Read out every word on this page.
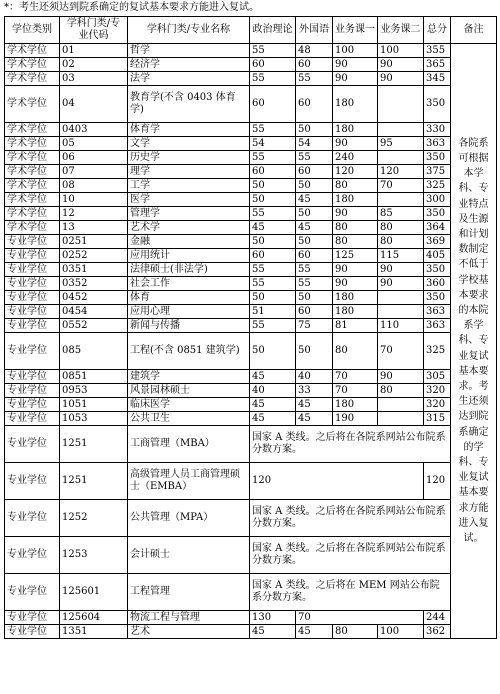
*：考生还须达到院系确定的复试基本要求方能进入复试。
学位类别	学科门类/专业代码	学科门类/专业名称	政治理论	外国语	业务课一	业务课二	总分	备注
学术学位	01	哲学	55	48	100	100	355	各院系可根据本学科、专业特点及生源和计划数制定不低于学校基本要求的本院系学科、专业复试基本要求。考生还须达到院系确定的学科、专业复试基本要求方能进入复试。
学术学位	02	经济学	60	60	90	90	365	
学术学位	03	法学	55	55	90	90	345	
学术学位	04	教育学(不含 0403 体育学)	60	60	180		350	
学术学位	0403	体育学	55	50	180		330	
学术学位	05	文学	54	54	90	95	363	
学术学位	06	历史学	55	55	240		350	
学术学位	07	理学	60	60	120	120	375	
学术学位	08	工学	50	50	80	70	325	
学术学位	10	医学	50	45	180		300	
学术学位	12	管理学	55	50	90	85	350	
学术学位	13	艺术学	45	45	80	80	364	
专业学位	0251	金融	50	50	80	80	369	
专业学位	0252	应用统计	60	60	125	115	405	
专业学位	0351	法律硕士(非法学)	55	55	90	90	350	
专业学位	0352	社会工作	55	55	90	90	360	
专业学位	0452	体育	50	50	180		350	
专业学位	0454	应用心理	51	60	180		363	
专业学位	0552	新闻与传播	55	75	81	110	363	
专业学位	085	工程(不含 0851 建筑学)	50	50	80	70	325	
专业学位	0851	建筑学	45	40	70	90	305	
专业学位	0953	风景园林硕士	40	33	70	80	320	
专业学位	1051	临床医学	45	45	180		320	
专业学位	1053	公共卫生	45	45	190		315	
专业学位	1251	工商管理（MBA）	国家 A 类线。之后将在各院系网站公布院系分数方案。					
专业学位	1251	高级管理人员工商管理硕士（EMBA）	120				120	
专业学位	1252	公共管理（MPA）	国家 A 类线。之后将在各院系网站公布院系分数方案。					
专业学位	1253	会计硕士	国家 A 类线。之后将在各院系网站公布院系分数方案。					
专业学位	125601	工程管理	国家 A 类线。之后将在 MEM 网站公布院系分数方案。					
专业学位	125604	物流工程与管理	130	70			244	
专业学位	1351	艺术	45	45	80	100	362	
